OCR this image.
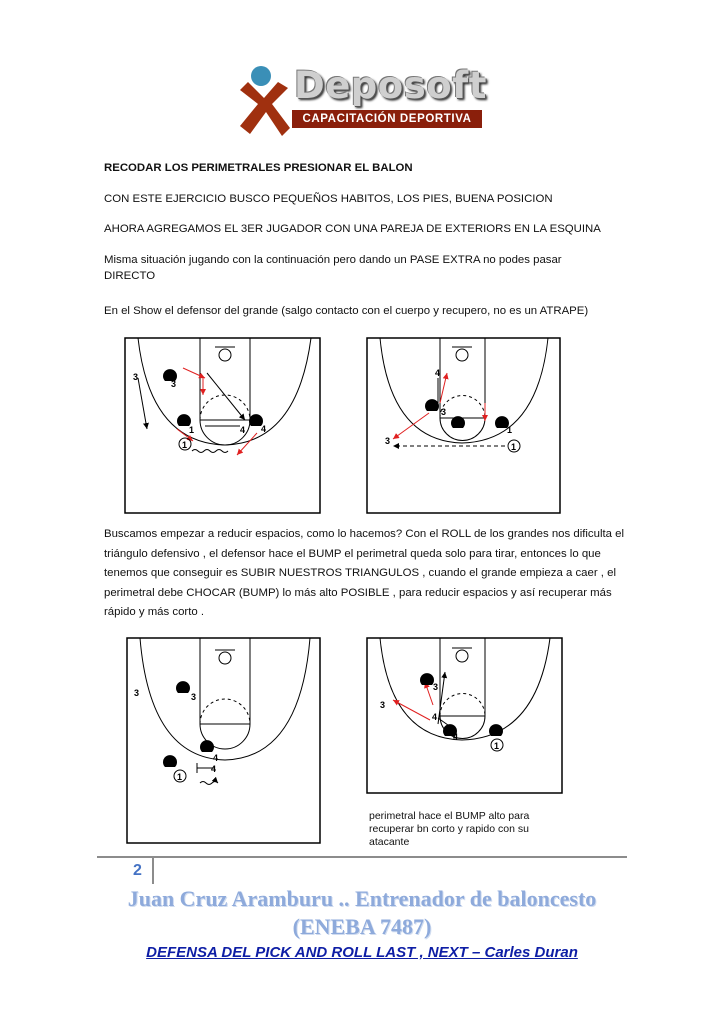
Deposoft
CAPACITACIÓN DEPORTIVA
RECODAR LOS PERIMETRALES PRESIONAR EL BALON
CON ESTE EJERCICIO BUSCO PEQUEÑOS HABITOS, LOS PIES, BUENA POSICION
AHORA AGREGAMOS EL 3ER JUGADOR CON UNA PAREJA DE EXTERIORS EN LA ESQUINA
Misma situación jugando con la continuación pero dando un PASE EXTRA no podes pasar DIRECTO
En el Show el defensor del grande (salgo contacto con el cuerpo y recupero, no es un ATRAPE)
3
3
1	4 4
1
4
3
3
1
1
Buscamos empezar a reducir espacios, como lo hacemos? Con el ROLL de los grandes nos dificulta el triángulo defensivo , el defensor hace el BUMP el perimetral queda solo para tirar, entonces lo que tenemos que conseguir es SUBIR NUESTROS TRIANGULOS , cuando el grande empieza a caer , el perimetral debe CHOCAR (BUMP) lo más alto POSIBLE , para reducir espacios y así recuperar más rápido y más corto .
3	3
4
1
4
3
3
4
4
1
perimetral hace el BUMP alto para recuperar bn corto y rapido con su atacante
2
Juan Cruz Aramburu .. Entrenador de baloncesto
(ENEBA 7487)
DEFENSA DEL PICK AND ROLL LAST , NEXT – Carles Duran
